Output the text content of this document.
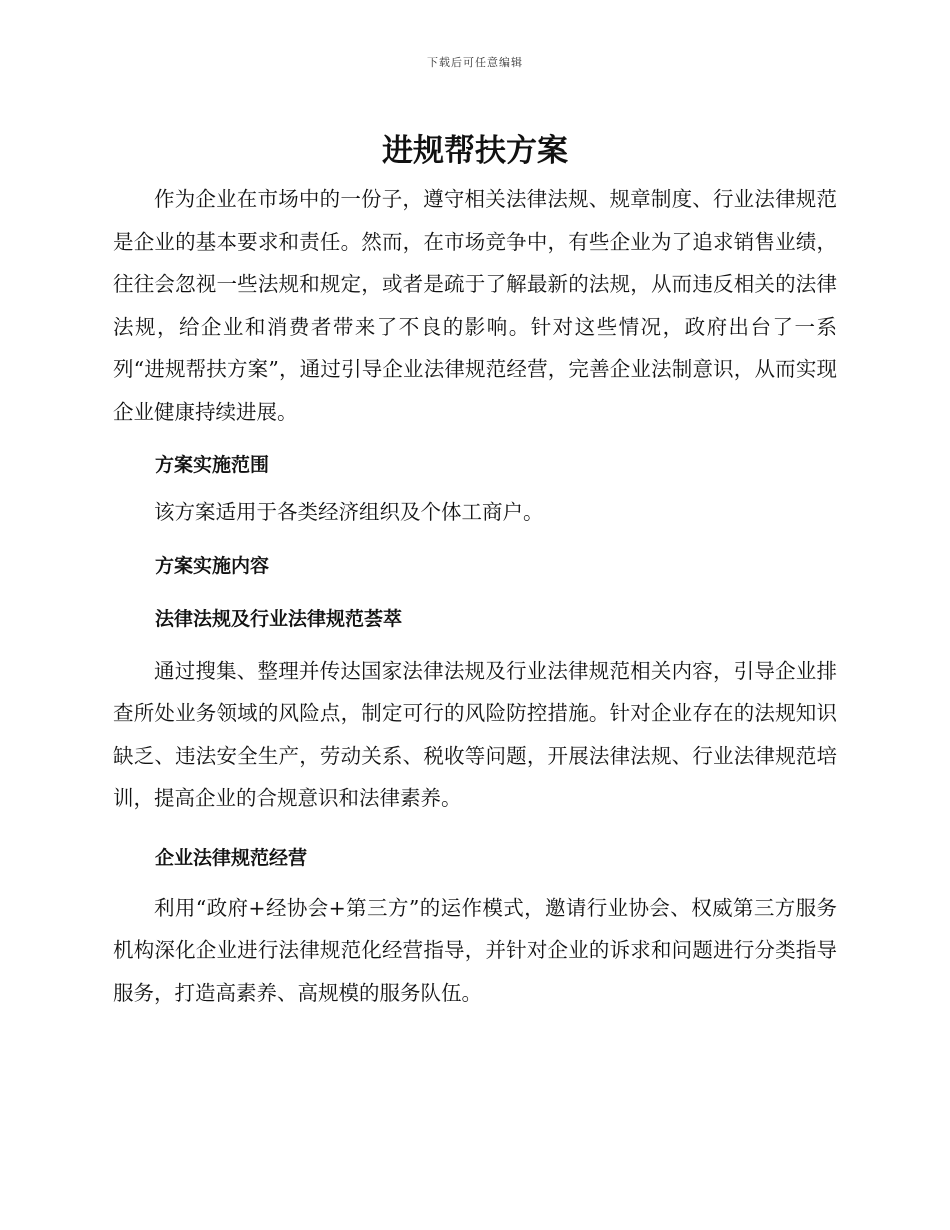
下载后可任意编辑
进规帮扶方案

作为企业在市场中的一份子，遵守相关法律法规、规章制度、行业法律规范是企业的基本要求和责任。然而，在市场竞争中，有些企业为了追求销售业绩，往往会忽视一些法规和规定，或者是疏于了解最新的法规，从而违反相关的法律法规，给企业和消费者带来了不良的影响。针对这些情况，政府出台了一系列“进规帮扶方案”，通过引导企业法律规范经营，完善企业法制意识，从而实现企业健康持续进展。

方案实施范围

该方案适用于各类经济组织及个体工商户。

方案实施内容
法律法规及行业法律规范荟萃

通过搜集、整理并传达国家法律法规及行业法律规范相关内容，引导企业排查所处业务领域的风险点，制定可行的风险防控措施。针对企业存在的法规知识缺乏、违法安全生产，劳动关系、税收等问题，开展法律法规、行业法律规范培训，提高企业的合规意识和法律素养。

企业法律规范经营

利用“政府+经协会+第三方”的运作模式，邀请行业协会、权威第三方服务机构深化企业进行法律规范化经营指导，并针对企业的诉求和问题进行分类指导服务，打造高素养、高规模的服务队伍。
